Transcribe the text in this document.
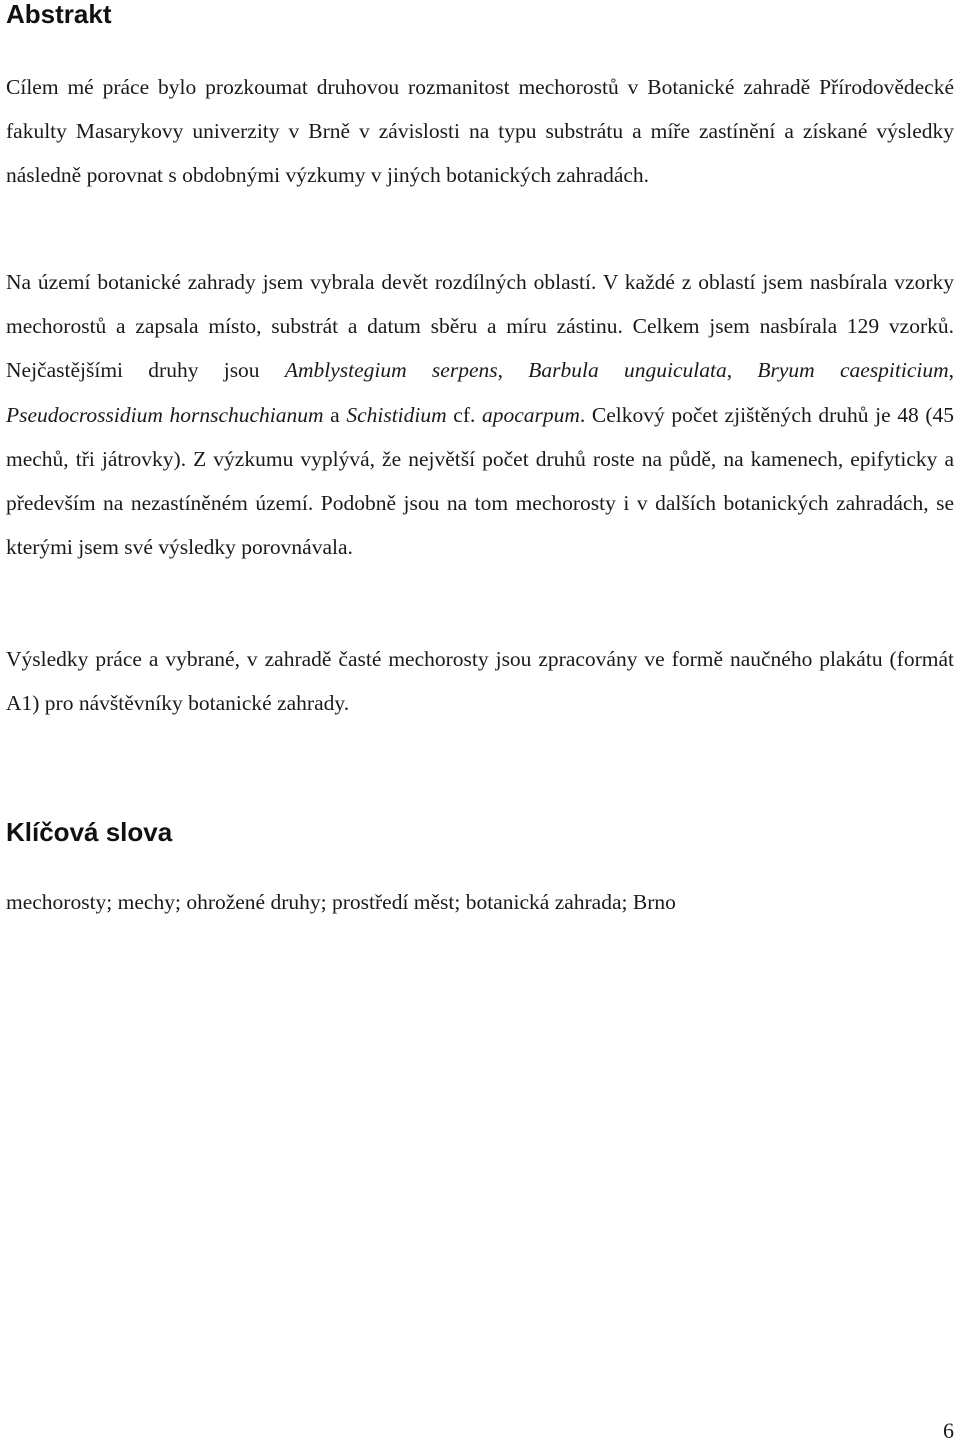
Abstrakt

Cílem mé práce bylo prozkoumat druhovou rozmanitost mechorostů v Botanické zahradě Přírodovědecké fakulty Masarykovy univerzity v Brně v závislosti na typu substrátu a míře zastínění a získané výsledky následně porovnat s obdobnými výzkumy v jiných botanických zahradách.

Na území botanické zahrady jsem vybrala devět rozdílných oblastí. V každé z oblastí jsem nasbírala vzorky mechorostů a zapsala místo, substrát a datum sběru a míru zástinu. Celkem jsem nasbírala 129 vzorků. Nejčastějšími druhy jsou Amblystegium serpens, Barbula unguiculata, Bryum caespiticium, Pseudocrossidium hornschuchianum a Schistidium cf. apocarpum. Celkový počet zjištěných druhů je 48 (45 mechů, tři játrovky). Z výzkumu vyplývá, že největší počet druhů roste na půdě, na kamenech, epifyticky a především na nezastíněném území. Podobně jsou na tom mechorosty i v dalších botanických zahradách, se kterými jsem své výsledky porovnávala.

Výsledky práce a vybrané, v zahradě časté mechorosty jsou zpracovány ve formě naučného plakátu (formát A1) pro návštěvníky botanické zahrady.

Klíčová slova

mechorosty; mechy; ohrožené druhy; prostředí měst; botanická zahrada; Brno

6
